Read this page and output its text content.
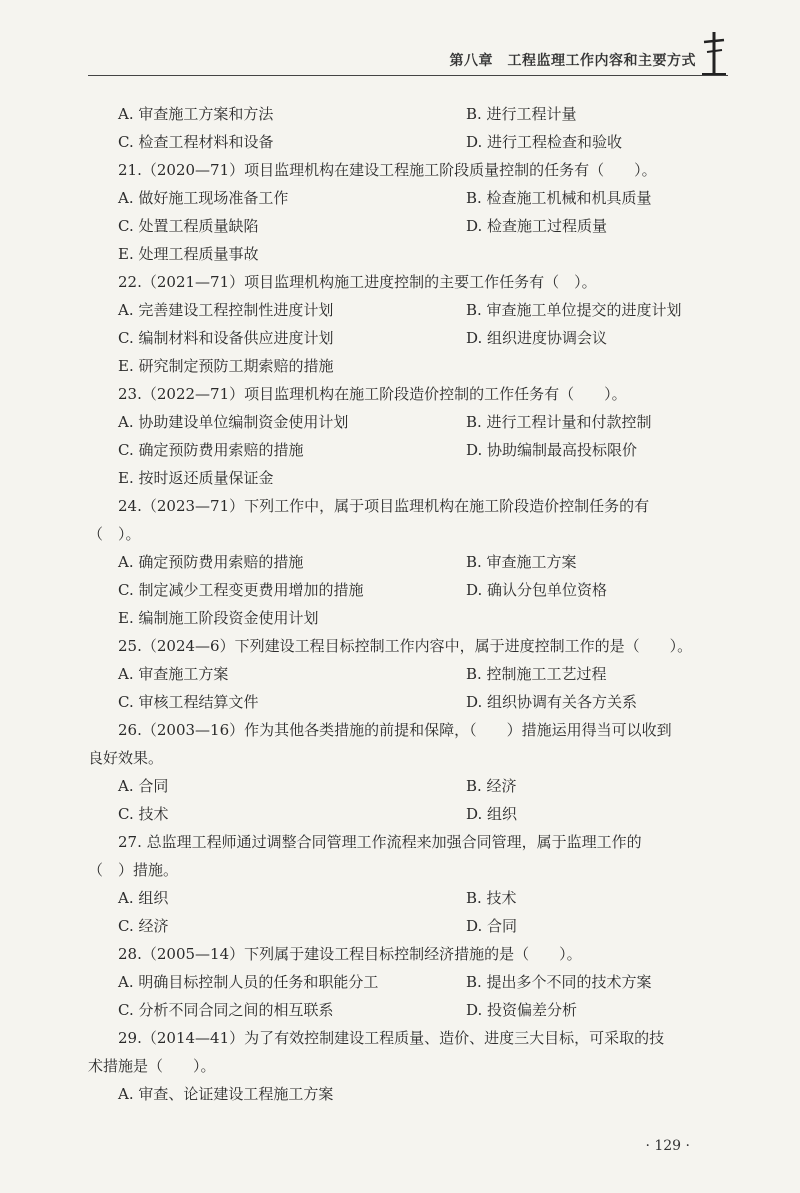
第八章　工程监理工作内容和主要方式
A. 审查施工方案和方法	B. 进行工程计量
C. 检查工程材料和设备	D. 进行工程检查和验收
21.（2020—71）项目监理机构在建设工程施工阶段质量控制的任务有（　　）。
A. 做好施工现场准备工作	B. 检查施工机械和机具质量
C. 处置工程质量缺陷	D. 检查施工过程质量
E. 处理工程质量事故
22.（2021—71）项目监理机构施工进度控制的主要工作任务有（　）。
A. 完善建设工程控制性进度计划	B. 审查施工单位提交的进度计划
C. 编制材料和设备供应进度计划	D. 组织进度协调会议
E. 研究制定预防工期索赔的措施
23.（2022—71）项目监理机构在施工阶段造价控制的工作任务有（　　）。
A. 协助建设单位编制资金使用计划	B. 进行工程计量和付款控制
C. 确定预防费用索赔的措施	D. 协助编制最高投标限价
E. 按时返还质量保证金
24.（2023—71）下列工作中，属于项目监理机构在施工阶段造价控制任务的有
（　）。
A. 确定预防费用索赔的措施	B. 审查施工方案
C. 制定减少工程变更费用增加的措施	D. 确认分包单位资格
E. 编制施工阶段资金使用计划
25.（2024—6）下列建设工程目标控制工作内容中，属于进度控制工作的是（　　）。
A. 审查施工方案	B. 控制施工工艺过程
C. 审核工程结算文件	D. 组织协调有关各方关系
26.（2003—16）作为其他各类措施的前提和保障，（　　）措施运用得当可以收到
良好效果。
A. 合同	B. 经济
C. 技术	D. 组织
27. 总监理工程师通过调整合同管理工作流程来加强合同管理，属于监理工作的
（　）措施。
A. 组织	B. 技术
C. 经济	D. 合同
28.（2005—14）下列属于建设工程目标控制经济措施的是（　　）。
A. 明确目标控制人员的任务和职能分工	B. 提出多个不同的技术方案
C. 分析不同合同之间的相互联系	D. 投资偏差分析
29.（2014—41）为了有效控制建设工程质量、造价、进度三大目标，可采取的技
术措施是（　　）。
A. 审查、论证建设工程施工方案
· 129 ·
